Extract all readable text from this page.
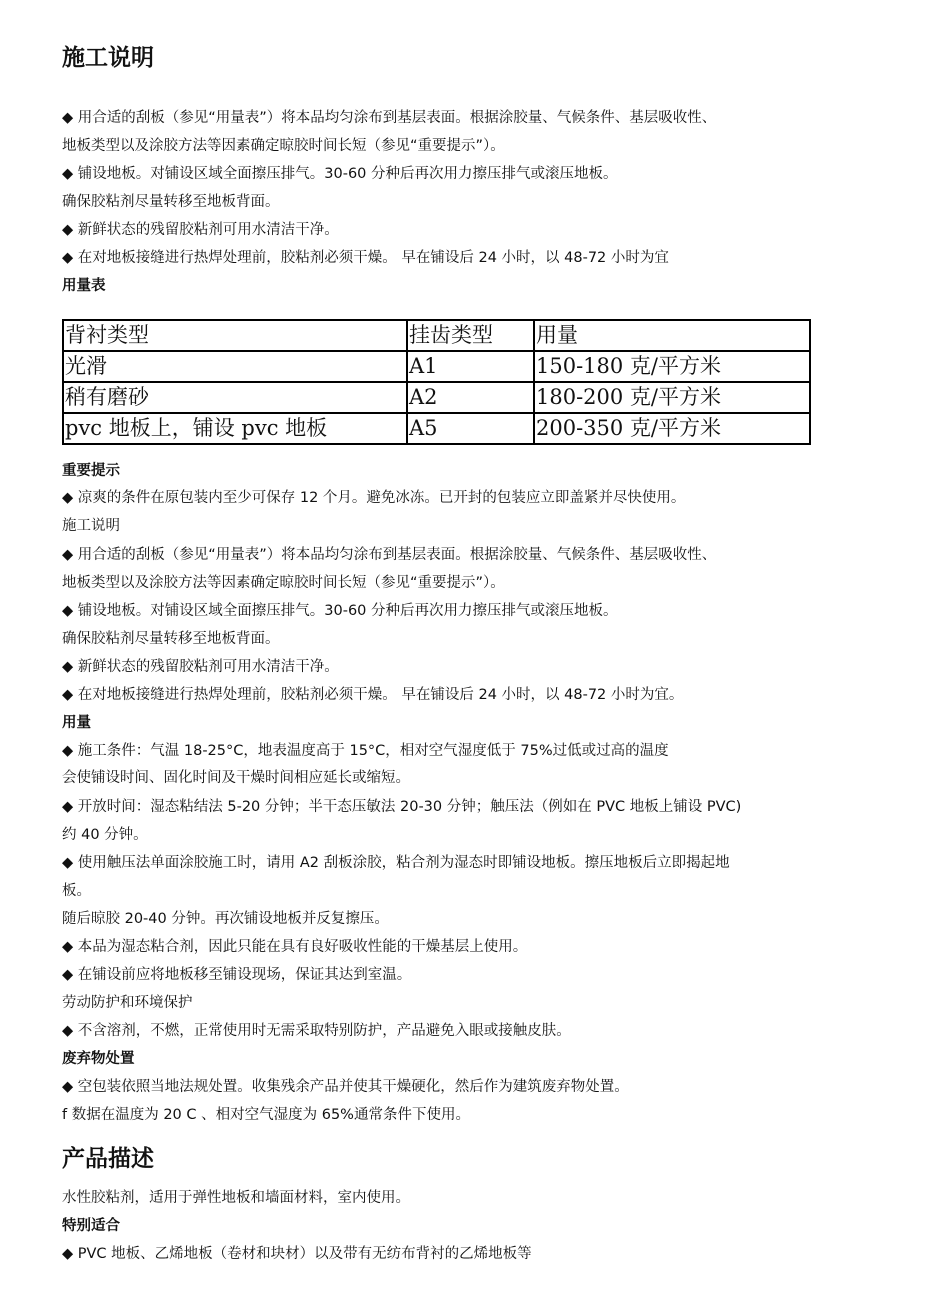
施工说明
◆ 用合适的刮板（参见“用量表”）将本品均匀涂布到基层表面。根据涂胶量、气候条件、基层吸收性、
地板类型以及涂胶方法等因素确定晾胶时间长短（参见“重要提示”）。
◆ 铺设地板。对铺设区域全面擦压排气。30-60 分种后再次用力擦压排气或滚压地板。
确保胶粘剂尽量转移至地板背面。
◆ 新鲜状态的残留胶粘剂可用水清洁干净。
◆ 在对地板接缝进行热焊处理前，胶粘剂必须干燥。 早在铺设后 24 小时，以 48-72 小时为宜
用量表
背衬类型	挂齿类型	用量
光滑	A1	150-180 克/平方米
稍有磨砂	A2	180-200 克/平方米
pvc 地板上，铺设 pvc 地板	A5	200-350 克/平方米
重要提示
◆ 凉爽的条件在原包装内至少可保存 12 个月。避免冰冻。已开封的包装应立即盖紧并尽快使用。
施工说明
◆ 用合适的刮板（参见“用量表”）将本品均匀涂布到基层表面。根据涂胶量、气候条件、基层吸收性、
地板类型以及涂胶方法等因素确定晾胶时间长短（参见“重要提示”）。
◆ 铺设地板。对铺设区域全面擦压排气。30-60 分种后再次用力擦压排气或滚压地板。
确保胶粘剂尽量转移至地板背面。
◆ 新鲜状态的残留胶粘剂可用水清洁干净。
◆ 在对地板接缝进行热焊处理前，胶粘剂必须干燥。 早在铺设后 24 小时，以 48-72 小时为宜。
用量
◆ 施工条件：气温 18-25°C，地表温度高于 15°C，相对空气湿度低于 75%过低或过高的温度
会使铺设时间、固化时间及干燥时间相应延长或缩短。
◆ 开放时间：湿态粘结法 5-20 分钟；半干态压敏法 20-30 分钟；触压法（例如在 PVC 地板上铺设 PVC)
约 40 分钟。
◆ 使用触压法单面涂胶施工时，请用 A2 刮板涂胶，粘合剂为湿态时即铺设地板。擦压地板后立即揭起地
板。
随后晾胶 20-40 分钟。再次铺设地板并反复擦压。
◆ 本品为湿态粘合剂，因此只能在具有良好吸收性能的干燥基层上使用。
◆ 在铺设前应将地板移至铺设现场，保证其达到室温。
劳动防护和环境保护
◆ 不含溶剂，不燃，正常使用时无需采取特别防护，产品避免入眼或接触皮肤。
废弃物处置
◆ 空包装依照当地法规处置。收集残余产品并使其干燥硬化，然后作为建筑废弃物处置。
f 数据在温度为 20 C 、相对空气湿度为 65%通常条件下使用。
产品描述
水性胶粘剂，适用于弹性地板和墙面材料，室内使用。
特别适合
◆ PVC 地板、乙烯地板（卷材和块材）以及带有无纺布背衬的乙烯地板等
